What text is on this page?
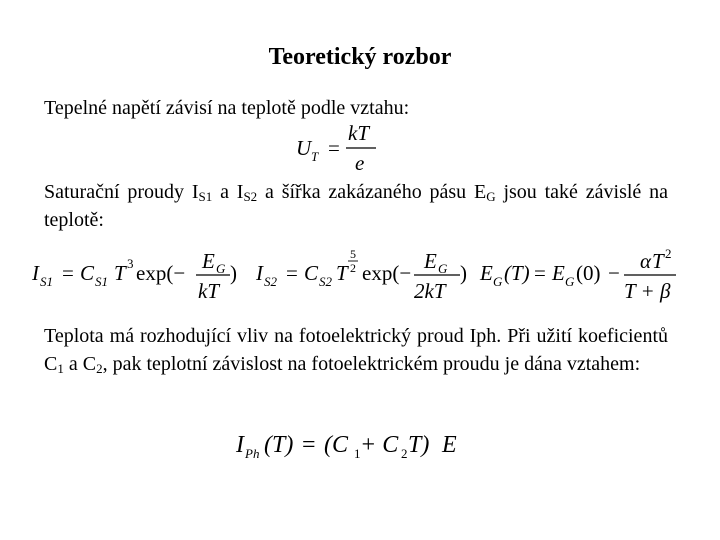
Teoretický rozbor
Tepelné napětí závisí na teplotě podle vztahu:
U T =
kT
e
Saturační proudy $I_{S1}$ a $I_{S2}$ a šířka zakázaného pásu $E_G$ jsou také závislé na teplotě:
I S1 = C S1 T 3 exp(− E G
kT
) I S2 = C S2 T
5
2 exp(− E G
2kT
) E G (T) = E G (0) − α T 2
T + β
Teplota má rozhodující vliv na fotoelektrický proud Iph. Při užití koeficientů $C_1$ a $C_2$, pak teplotní závislost na fotoelektrickém proudu je dána vztahem:
I Ph (T) = (C 1 + C 2 T) E
